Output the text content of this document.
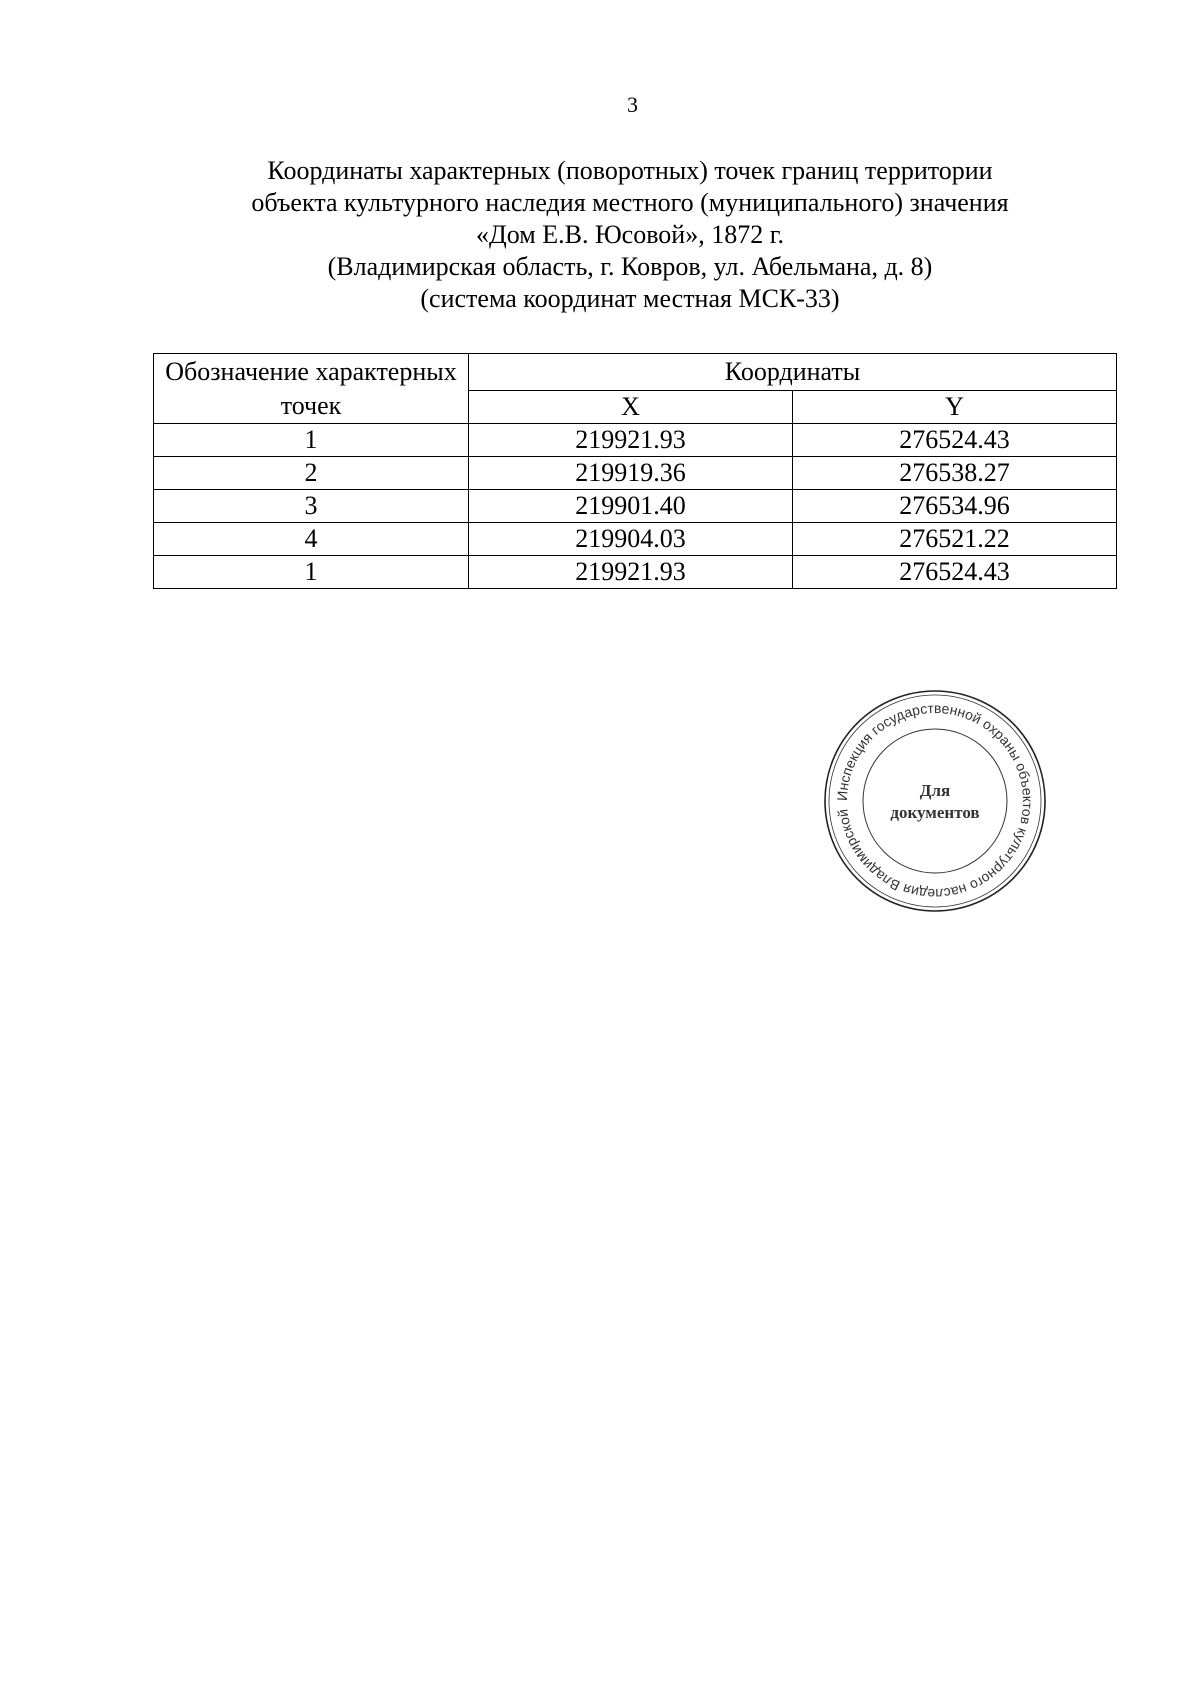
3
Координаты характерных (поворотных) точек границ территории
объекта культурного наследия местного (муниципального) значения
«Дом Е.В. Юсовой», 1872 г.
(Владимирская область, г. Ковров, ул. Абельмана, д. 8)
(система координат местная МСК-33)
Обозначение характерных точек	Координаты	
	X	Y
1	219921.93	276524.43
2	219919.36	276538.27
3	219901.40	276534.96
4	219904.03	276521.22
1	219921.93	276524.43
Инспекция государственной охраны объектов культурного наследия Владимирской
Для
документов
